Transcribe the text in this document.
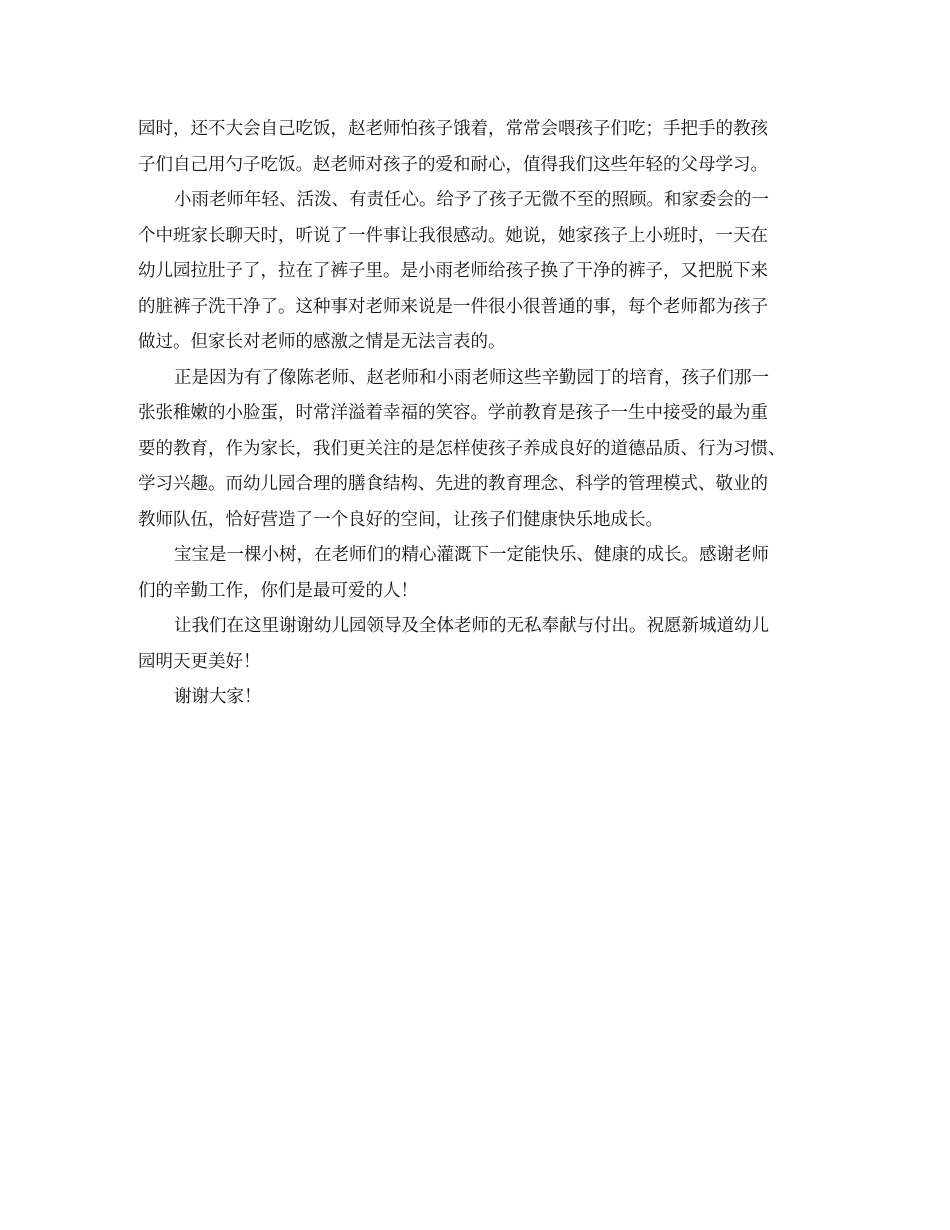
园时，还不大会自己吃饭，赵老师怕孩子饿着，常常会喂孩子们吃；手把手的教孩
子们自己用勺子吃饭。赵老师对孩子的爱和耐心，值得我们这些年轻的父母学习。
小雨老师年轻、活泼、有责任心。给予了孩子无微不至的照顾。和家委会的一
个中班家长聊天时，听说了一件事让我很感动。她说，她家孩子上小班时，一天在
幼儿园拉肚子了，拉在了裤子里。是小雨老师给孩子换了干净的裤子，又把脱下来
的脏裤子洗干净了。这种事对老师来说是一件很小很普通的事，每个老师都为孩子
做过。但家长对老师的感激之情是无法言表的。
正是因为有了像陈老师、赵老师和小雨老师这些辛勤园丁的培育，孩子们那一
张张稚嫩的小脸蛋，时常洋溢着幸福的笑容。学前教育是孩子一生中接受的最为重
要的教育，作为家长，我们更关注的是怎样使孩子养成良好的道德品质、行为习惯、
学习兴趣。而幼儿园合理的膳食结构、先进的教育理念、科学的管理模式、敬业的
教师队伍，恰好营造了一个良好的空间，让孩子们健康快乐地成长。
宝宝是一棵小树，在老师们的精心灌溉下一定能快乐、健康的成长。感谢老师
们的辛勤工作，你们是最可爱的人！
让我们在这里谢谢幼儿园领导及全体老师的无私奉献与付出。祝愿新城道幼儿
园明天更美好！
谢谢大家！
